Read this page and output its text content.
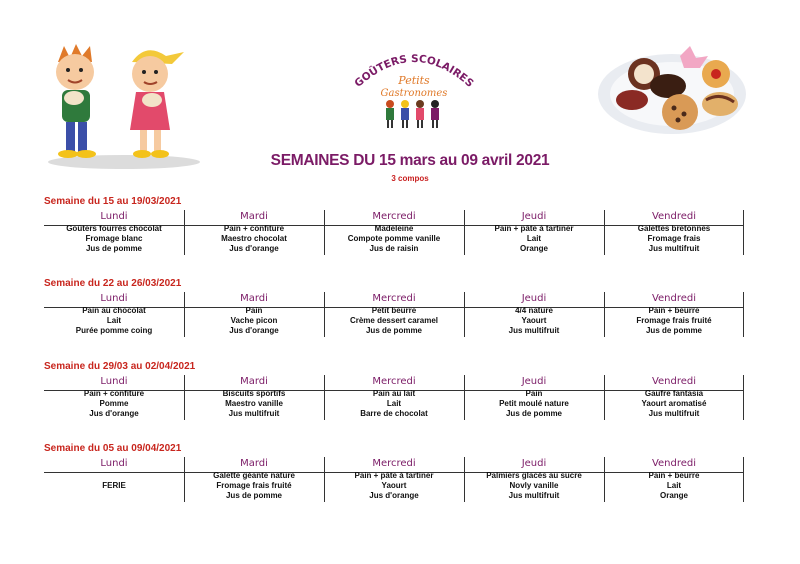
GOÛTERS SCOLAIRES
Petits
Gastronomes
SEMAINES DU 15 mars au 09 avril 2021
3 compos
Semaine du 15 au 19/03/2021
Lundi
Goûters fourrés chocolat
Fromage blanc
Jus de pomme
Mardi
Pain + confiture
Maestro chocolat
Jus d'orange
Mercredi
Madeleine
Compote pomme vanille
Jus de raisin
Jeudi
Pain + pâte à tartiner
Lait
Orange
Vendredi
Galettes bretonnes
Fromage frais
Jus multifruit
Semaine du 22 au 26/03/2021
Lundi
Pain au chocolat
Lait
Purée pomme coing
Mardi
Pain
Vache picon
Jus d'orange
Mercredi
Petit beurre
Crème dessert caramel
Jus de pomme
Jeudi
4/4 nature
Yaourt
Jus multifruit
Vendredi
Pain + beurre
Fromage frais fruité
Jus de pomme
Semaine du 29/03 au 02/04/2021
Lundi
Pain + confiture
Pomme
Jus d'orange
Mardi
Biscuits sportifs
Maestro vanille
Jus multifruit
Mercredi
Pain au lait
Lait
Barre de chocolat
Jeudi
Pain
Petit moulé nature
Jus de pomme
Vendredi
Gaufre fantasia
Yaourt aromatisé
Jus multifruit
Semaine du 05 au 09/04/2021
Lundi

FERIE

Mardi
Galette géante nature
Fromage frais fruité
Jus de pomme
Mercredi
Pain + pâte à tartiner
Yaourt
Jus d'orange
Jeudi
Palmiers glacés au sucre
Novly vanille
Jus multifruit
Vendredi
Pain + beurre
Lait
Orange
